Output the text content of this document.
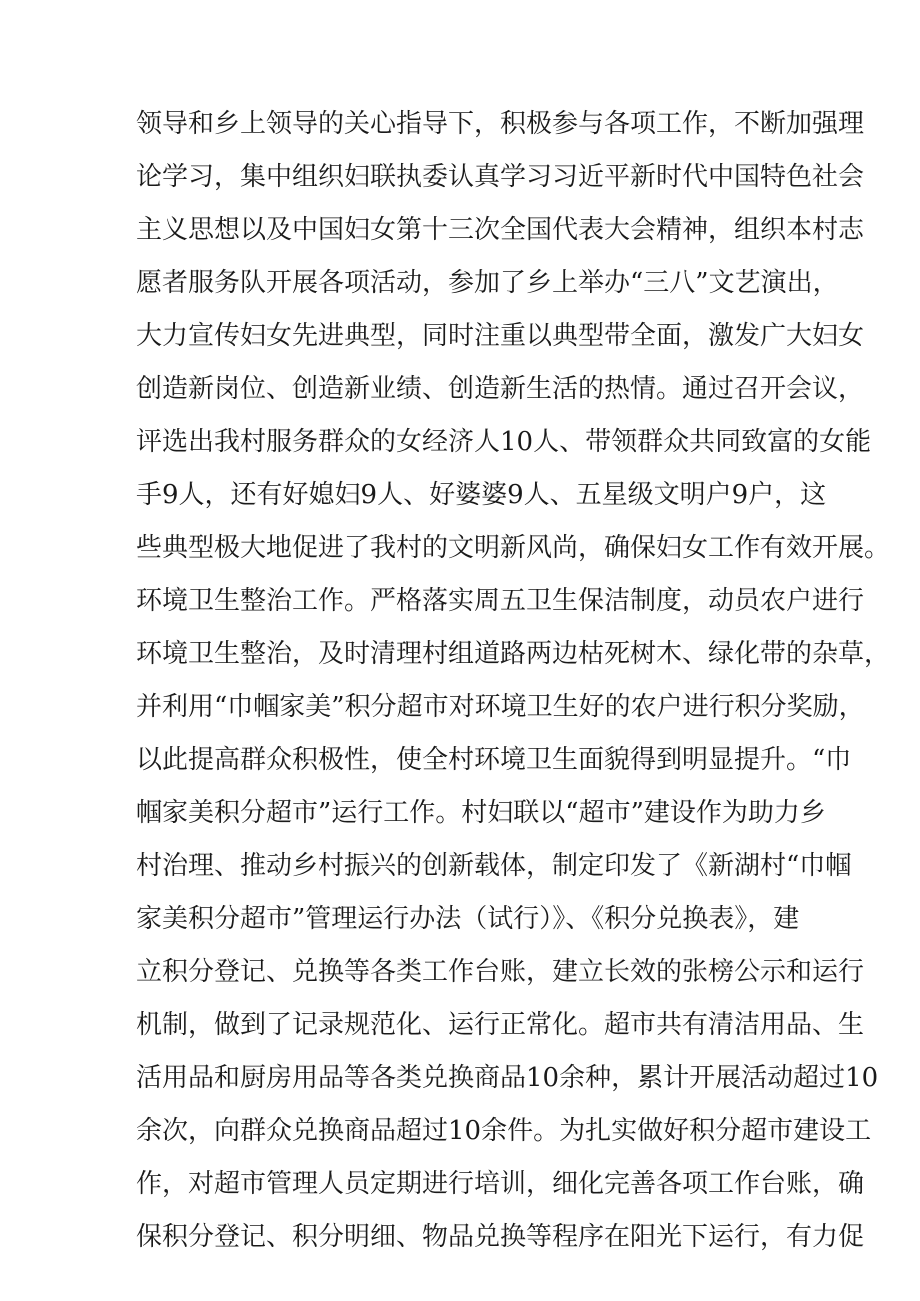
领导和乡上领导的关心指导下，积极参与各项工作，不断加强理
论学习，集中组织妇联执委认真学习习近平新时代中国特色社会
主义思想以及中国妇女第十三次全国代表大会精神，组织本村志
愿者服务队开展各项活动，参加了乡上举办“三八”文艺演出，
大力宣传妇女先进典型，同时注重以典型带全面，激发广大妇女
创造新岗位、创造新业绩、创造新生活的热情。通过召开会议，
评选出我村服务群众的女经济人10人、带领群众共同致富的女能
手9人，还有好媳妇9人、好婆婆9人、五星级文明户9户，这
些典型极大地促进了我村的文明新风尚，确保妇女工作有效开展。
环境卫生整治工作。严格落实周五卫生保洁制度，动员农户进行
环境卫生整治，及时清理村组道路两边枯死树木、绿化带的杂草，
并利用“巾帼家美”积分超市对环境卫生好的农户进行积分奖励，
以此提高群众积极性，使全村环境卫生面貌得到明显提升。“巾
帼家美积分超市”运行工作。村妇联以“超市”建设作为助力乡
村治理、推动乡村振兴的创新载体，制定印发了《新湖村“巾帼
家美积分超市”管理运行办法（试行）》、《积分兑换表》，建
立积分登记、兑换等各类工作台账，建立长效的张榜公示和运行
机制，做到了记录规范化、运行正常化。超市共有清洁用品、生
活用品和厨房用品等各类兑换商品10余种，累计开展活动超过10
余次，向群众兑换商品超过10余件。为扎实做好积分超市建设工
作，对超市管理人员定期进行培训，细化完善各项工作台账，确
保积分登记、积分明细、物品兑换等程序在阳光下运行，有力促
